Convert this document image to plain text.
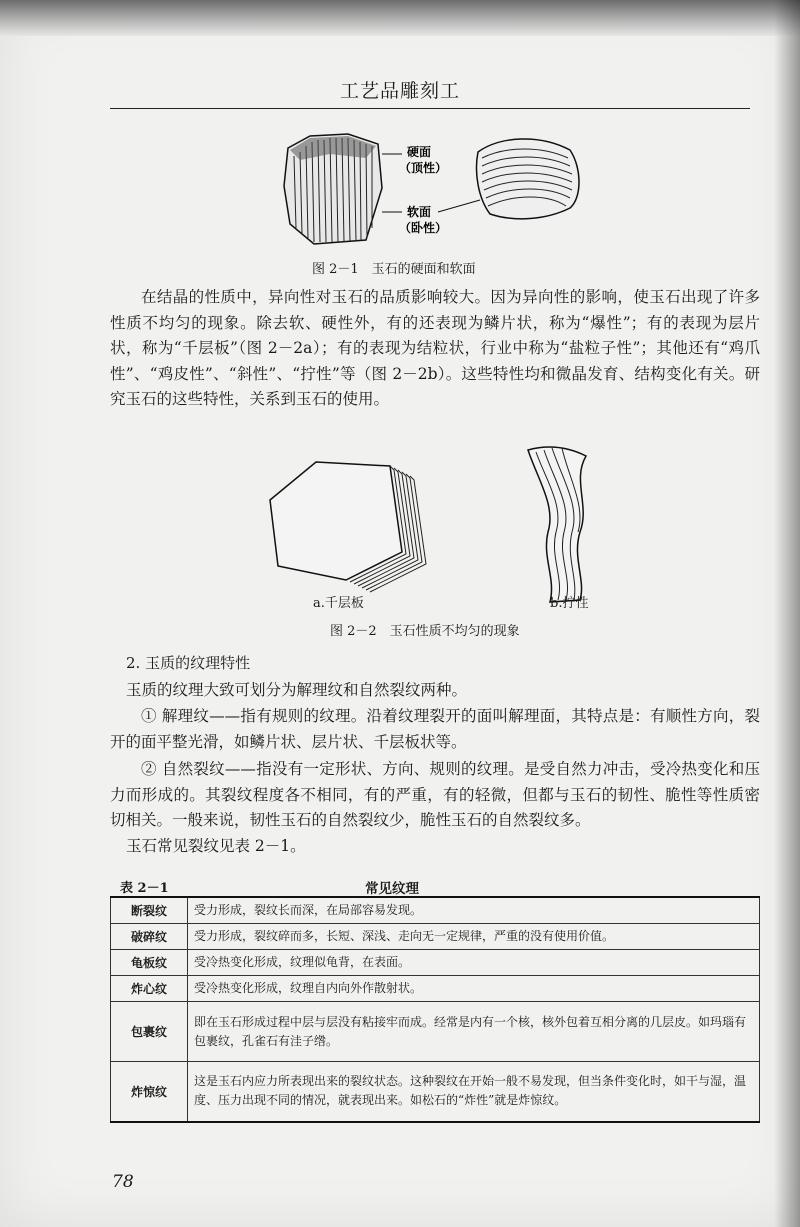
工艺品雕刻工
硬面
（顶性）
软面
（卧性）
图 2－1　玉石的硬面和软面
在结晶的性质中，异向性对玉石的品质影响较大。因为异向性的影响，使玉石出现了许多性质不均匀的现象。除去软、硬性外，有的还表现为鳞片状，称为“爆性”；有的表现为层片状，称为“千层板”（图 2－2a）；有的表现为结粒状，行业中称为“盐粒子性”；其他还有“鸡爪性”、“鸡皮性”、“斜性”、“拧性”等（图 2－2b）。这些特性均和微晶发育、结构变化有关。研究玉石的这些特性，关系到玉石的使用。
a.千层板	b.拧性
图 2－2　玉石性质不均匀的现象
2. 玉质的纹理特性
玉质的纹理大致可划分为解理纹和自然裂纹两种。
① 解理纹——指有规则的纹理。沿着纹理裂开的面叫解理面，其特点是：有顺性方向，裂开的面平整光滑，如鳞片状、层片状、千层板状等。
② 自然裂纹——指没有一定形状、方向、规则的纹理。是受自然力冲击，受冷热变化和压力而形成的。其裂纹程度各不相同，有的严重，有的轻微，但都与玉石的韧性、脆性等性质密切相关。一般来说，韧性玉石的自然裂纹少，脆性玉石的自然裂纹多。
玉石常见裂纹见表 2－1。
表 2－1	常见纹理
断裂纹	受力形成，裂纹长而深，在局部容易发现。
破碎纹	受力形成，裂纹碎而多，长短、深浅、走向无一定规律，严重的没有使用价值。
龟板纹	受冷热变化形成，纹理似龟背，在表面。
炸心纹	受冷热变化形成，纹理自内向外作散射状。
包裹纹	即在玉石形成过程中层与层没有粘接牢而成。经常是内有一个核，核外包着互相分离的几层皮。如玛瑙有包裹纹，孔雀石有洼子绺。
炸惊纹	这是玉石内应力所表现出来的裂纹状态。这种裂纹在开始一般不易发现，但当条件变化时，如干与湿，温度、压力出现不同的情况，就表现出来。如松石的“炸性”就是炸惊纹。
78
